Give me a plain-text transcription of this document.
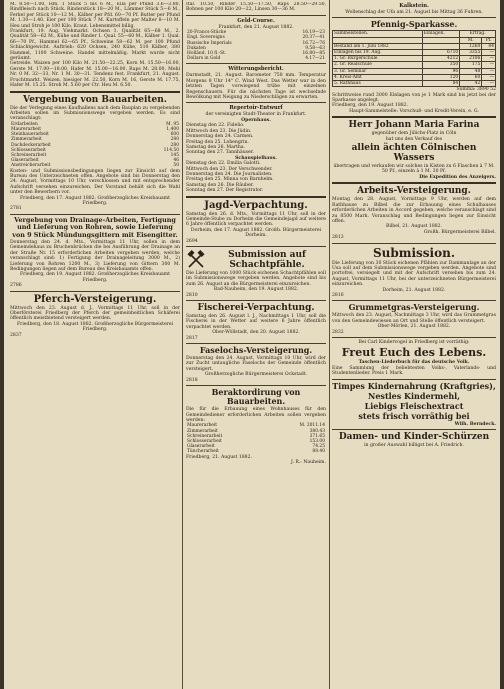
M. 8.50—1.00, Hm. 1 Stück 5 bis 6 M., Ella per Pfund 3.6—3.80, Rindfleisch nach Stück. Rinderstück 18—20 M., Lämmer Stück 5—6 M., Ferkel per Stück 10—12 M., Kälber per Pfd. 60—70 Pf. Butter per Pfund M. 1.30—1.40. Eier per 100 Stück 7 M. Kartoffeln per Malter 8—10 M. Heu und Stroh je 100 Kilo. Kraut. Lebensmittel billig.

Frankfurt, 19. Aug. Viehmarkt. Ochsen 1. Qualität 65—68 M., 2. Qualität 58—62 M., Kühe und Rinder 1. Qual. 55—60 M., Kälber 1. Qual. 66—70 Pf., Hammel 62—65 Pf., Schweine 58—62 M. per 100 Pfund Schlachtgewicht. Auftrieb: 620 Ochsen, 240 Kühe, 510 Kälber, 380 Hammel, 1100 Schweine. Handel mittelmäßig. Markt wurde nicht geräumt.

Getreide. Waizen per 100 Kilo M. 21.50—22.25, Korn M. 15.50—16.00, Gerste M. 17.00—18.00, Hafer M. 15.00—16.00. Raps M. 28.00. Mehl Nr. 0 M. 32—33, Nr. 1 M. 30—31. Tendenz fest. Frankfurt, 21. August. Fruchtmarkt. Weizen, hiesiger M. 22.50, Korn M. 16, Gerste M. 17.75, Hafer M. 15.25. Stroh M. 5.60 per Ctr. Heu M. 6.50.

Vergebung von Bauarbeiten.

Die der Verlegung eines Kaufhallens nach dem Bauplan zu vergebenden Arbeiten sollen im Submissionswege vergeben werden. Es sind veranschlagt:

Erdarbeiten	M. 95
Maurerarbeit	1,400
Steinhauerarbeit	600
Zimmerarbeit	280
Dachdeckerarbeit	280
Schlosserarbeit	114.50
Schreinerarbeit	145
Glaserarbeit	46
Anstreicherarbeit	50

Kosten- und Submissionsbedingungen liegen zur Einsicht auf dem Bureau des Unterzeichneten offen. Angebote sind bis Donnerstag den 24. August, Vormittags 10 Uhr, verschlossen und mit entsprechender Aufschrift versehen einzureichen. Der Vorstand behält sich die Wahl unter den Bewerbern vor.

Friedberg, den 17. August 1882. Großherzogliches Kreisbauamt Friedberg.

2781

Vergebung von Drainage-Arbeiten, Fertigung und Lieferung von Rohren, sowie Lieferung von 9 Stück Mündungsgittern mit Eisengitter.

Donnerstag den 24. d. Mts., Vormittags 11 Uhr, sollen in dem Gemeindehaus zu Bruchenbrücken die bei Ausführung der Drainage an der Straße Nr. 15 erforderlichen Arbeiten vergeben werden, welche veranschlagt sind: 1) Fertigung der Drainageleitung 3000 M., 2) Lieferung von Rohren 1200 M., 3) Lieferung von Gittern 300 M. Bedingungen liegen auf dem Bureau des Kreisbauamts offen.

Friedberg, den 19. August 1882. Großherzogliches Kreisbauamt Friedberg.

2786

Pferch-Versteigerung.

Mittwoch den 23. August d. J., Vormittags 11 Uhr, soll in der Oberförsterei Friedberg der Pferch der gemeinheitlichen Schäferei öffentlich meistbietend versteigert werden.

Friedberg, den 18. August 1882. Großherzogliche Bürgermeisterei Friedberg.

2837

Ital. 10.50, Rinder 15.50—17.50, Raps 28.50—29.50, Bohnen per 100 Kilo 20—22, Linsen 30—36 M.

Geld-Course.

Frankfurt, den 21. August 1882.

20-Francs-Stücke	16.19—23
Engl. Sovereigns	20.37—41
Russische Imperials	16.72—76
Dukaten	9.58—63
Holländ. 10 fl.-St.	16.80—85
Dollars in Gold	4.17—21
Witterungsbericht.

Darmstadt, 21. August. Barometer 758 mm. Temperatur Morgens 8 Uhr 14° C. Wind West. Das Wetter war in den letzten Tagen vorwiegend trübe mit einzelnen Regenschauern. Für die nächsten Tage ist wechselnde Bewölkung mit Neigung zu Niederschlägen zu erwarten.

Repertoir-Entwurf

der vereinigten Stadt-Theater in Frankfurt.

Opernhaus.

Dienstag den 22. Fidelio.

Mittwoch den 23. Die Jüdin.

Donnerstag den 24. Carmen.

Freitag den 25. Lohengrin.

Samstag den 26. Martha.

Sonntag den 27. Tannhäuser.

Schauspielhaus.

Dienstag den 22. Emilia Galotti.

Mittwoch den 23. Der Verschwender.

Donnerstag den 24. Die Journalisten.

Freitag den 25. Minna von Barnhelm.

Samstag den 26. Die Räuber.

Sonntag den 27. Der Registrator.

Jagd-Verpachtung.

Samstag den 26. d. Mts., Vormittags 11 Uhr, soll in der Gemeinde-Stube zu Dorheim die Gemeindejagd auf weitere 6 Jahre öffentlich verpachtet werden.

Dorheim, den 17. August 1882. Großh. Bürgermeisterei Dorheim.

2694

Submission auf Schachtpfähle.

Die Lieferung von 1000 Stück eichenen Schachtpfählen soll im Submissionswege vergeben werden. Angebote sind bis zum 26. August an die Bürgermeisterei einzureichen.

Bad-Nauheim, den 19. August 1882.

2810

Fischerei-Verpachtung.

Samstag den 26. August l. J., Nachmittags 1 Uhr, soll die Fischerei in der Wetter auf weitere 6 Jahre öffentlich verpachtet werden.

Ober-Wöllstadt, den 20. August 1882.

2817

Faselochs-Versteigerung.

Donnerstag den 24. August, Vormittags 10 Uhr, wird der zur Zucht untaugliche Faselochs der Gemeinde öffentlich versteigert.

Großherzogliche Bürgermeisterei Ockstadt.

2818

Beraktordirung von Bauarbeiten.

Die für die Erbauung eines Wohnhauses für den Gemeindediener erforderlichen Arbeiten sollen vergeben werden:

Maurerarbeit	M. 2011.14
Zimmerarbeit	380.43
Schreinerarbeit	371.65
Schlosserarbeit	153.00
Glaserarbeit	74.25
Tüncherarbeit	88.40

Friedberg, 21. August 1882.

J. R.: Nauheim.

Kalkstein.

Wollenschlag der Ufa am 21. August bis Mittag 36 Fuhren.

Pfennig-Sparkasse.
Sammelstellen.	Einlagen.	Ertrag.	
		M.	Pf.
Bestand am 1. Juni 1882		1260	84
Einlagen bis 19. Aug.	6710	3355	—
1. Gr. Bürgerschule	4212	2106	—
2. Gr. Realschule	350	175	—
3. Gr. Seminar	96	48	—
4. Kreis-Amt	120	60	—
5. Rathhaus	84	42	—

Summa: 3890 52

Schrittweise rund 3000 Einlagen von je 1 Mark sind bis jetzt bei der Sparkasse angelegt.

Friedberg, den 19. August 1882.

Haupt-Sammelstelle: Vorschuß- und Kredit-Verein, e. G.

Herr Johann Maria Farina

gegenüber dem Jülichs-Platz in Cöln

hat uns den Verkauf des

allein ächten Cölnischen Wassers

übertragen und verkaufen wir solches in Kisten zu 6 Flaschen à 7 M. 50 Pf., einzeln à 1 M. 30 Pf.

Die Expedition des Anzeigers.

Arbeits-Versteigerung.

Montag den 28. August, Vormittags 9 Uhr, werden auf dem Rathhause zu Bilbel die zur Erbauung eines Schulhauses erforderlichen Arbeiten in Accord gegeben, welche veranschlagt sind zu 8500 Mark. Voranschlag und Bedingungen liegen zur Einsicht offen.

Bilbel, 21. August 1882.

Großh. Bürgermeisterei Bilbel.

2813

Submission.

Die Lieferung von 30 Stück eichenen Pfählen zur Dammanlage an der Usa soll auf dem Submissionswege vergeben werden. Angebote sind portofrei, versiegelt und mit der Aufschrift versehen bis zum 24. August, Vormittags 11 Uhr, bei der unterzeichneten Bürgermeisterei einzureichen.

Dorheim, 21. August 1882.

2816

Grummetgras-Versteigerung.

Mittwoch den 23. August, Nachmittags 3 Uhr, wird das Grummetgras von den Gemeindewiesen an Ort und Stelle öffentlich versteigert.

Ober-Mörlen, 21. August 1882.

2832

Bei Carl Kindervogel in Friedberg ist vorräthig:

Freut Euch des Lebens.

Taschen-Liederbuch für das deutsche Volk.

Eine Sammlung der beliebtesten Volks-, Vaterlands- und Studentenlieder. Preis 1 Mark.

Timpes Kindernahrung (Kraftgries),
Nestles Kindermehl,
Liebigs Fleischextract
stets frisch vorräthig bei

Wilh. Berndeck.

Damen- und Kinder-Schürzen

in großer Auswahl billigst bei A. Friedrich.
